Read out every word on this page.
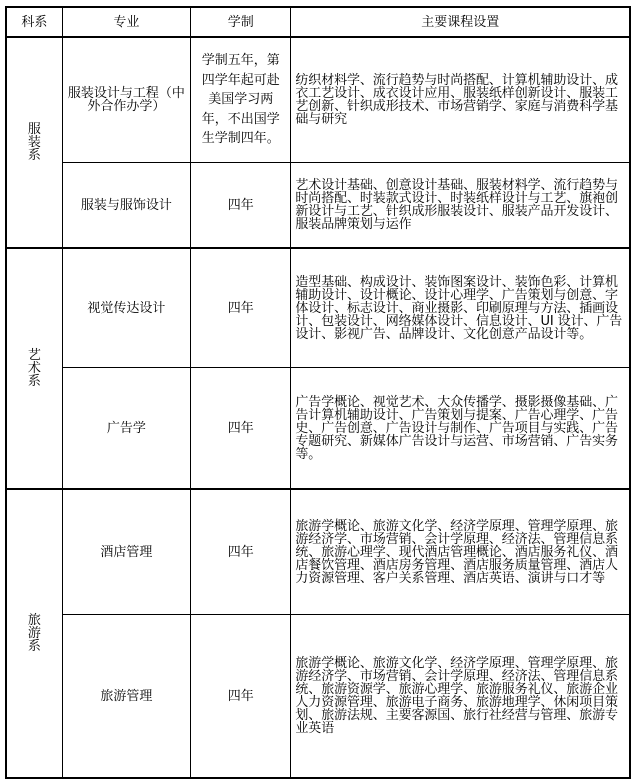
科系	专业	学制	主要课程设置

服
装
系	服装设计与工程（中外合作办学）	学制五年，第四学年起可赴美国学习两年，不出国学生学制四年。	纺织材料学、流行趋势与时尚搭配、计算机辅助设计、成衣工艺设计、成衣设计应用、服装纸样创新设计、服装工艺创新、针织成形技术、市场营销学、家庭与消费科学基础与研究
	服装与服饰设计	四年	艺术设计基础、创意设计基础、服装材料学、流行趋势与时尚搭配、时装款式设计、时装纸样设计与工艺、旗袍创新设计与工艺、针织成形服装设计、服装产品开发设计、服装品牌策划与运作

艺
术
系	视觉传达设计	四年	造型基础、构成设计、装饰图案设计、装饰色彩、计算机辅助设计、设计概论、设计心理学、广告策划与创意、字体设计、标志设计、商业摄影、印刷原理与方法、插画设计、包装设计、网络媒体设计、信息设计、UI 设计、广告设计、影视广告、品牌设计、文化创意产品设计等。
	广告学	四年	广告学概论、视觉艺术、大众传播学、摄影摄像基础、广告计算机辅助设计、广告策划与提案、广告心理学、广告史、广告创意、广告设计与制作、广告项目与实践、广告专题研究、新媒体广告设计与运营、市场营销、广告实务等。

旅
游
系	酒店管理	四年	旅游学概论、旅游文化学、经济学原理、管理学原理、旅游经济学、市场营销、会计学原理、经济法、管理信息系统、旅游心理学、现代酒店管理概论、酒店服务礼仪、酒店餐饮管理、酒店房务管理、酒店服务质量管理、酒店人力资源管理、客户关系管理、酒店英语、演讲与口才等
	旅游管理	四年	旅游学概论、旅游文化学、经济学原理、管理学原理、旅游经济学、市场营销、会计学原理、经济法、管理信息系统、旅游资源学、旅游心理学、旅游服务礼仪、旅游企业人力资源管理、旅游电子商务、旅游地理学、休闲项目策划、旅游法规、主要客源国、旅行社经营与管理、旅游专业英语
